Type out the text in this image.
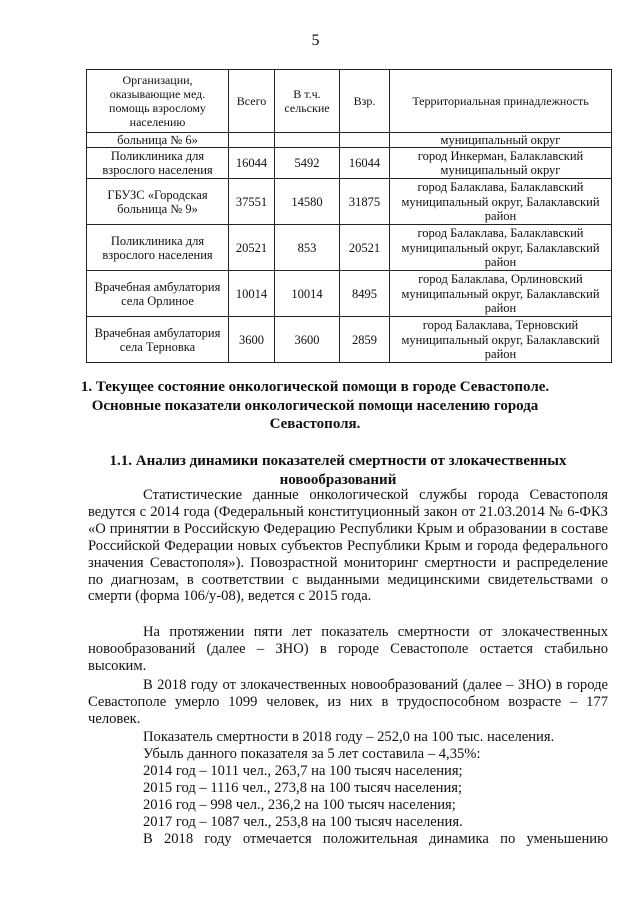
5
Организации, оказывающие мед. помощь взрослому населению	Всего	В т.ч. сельские	Взр.	Территориальная принадлежность
больница № 6»				муниципальный округ
Поликлиника для взрослого населения	16044	5492	16044	город Инкерман, Балаклавский муниципальный округ
ГБУЗС «Городская больница № 9»	37551	14580	31875	город Балаклава, Балаклавский муниципальный округ, Балаклавский район
Поликлиника для взрослого населения	20521	853	20521	город Балаклава, Балаклавский муниципальный округ, Балаклавский район
Врачебная амбулатория села Орлиное	10014	10014	8495	город Балаклава, Орлиновский муниципальный округ, Балаклавский район
Врачебная амбулатория села Терновка	3600	3600	2859	город Балаклава, Терновский муниципальный округ, Балаклавский район
1. Текущее состояние онкологической помощи в городе Севастополе. Основные показатели онкологической помощи населению города Севастополя.
1.1. Анализ динамики показателей смертности от злокачественных новообразований
Статистические данные онкологической службы города Севастополя ведутся с 2014 года (Федеральный конституционный закон от 21.03.2014 № 6-ФКЗ «О принятии в Российскую Федерацию Республики Крым и образовании в составе Российской Федерации новых субъектов Республики Крым и города федерального значения Севастополя»). Повозрастной мониторинг смертности и распределение по диагнозам, в соответствии с выданными медицинскими свидетельствами о смерти (форма 106/у-08), ведется с 2015 года.
На протяжении пяти лет показатель смертности от злокачественных новообразований (далее – ЗНО) в городе Севастополе остается стабильно высоким.
В 2018 году от злокачественных новообразований (далее – ЗНО) в городе Севастополе умерло 1099 человек, из них в трудоспособном возрасте – 177 человек.
Показатель смертности в 2018 году – 252,0 на 100 тыс. населения.
Убыль данного показателя за 5 лет составила – 4,35%:
2014 год – 1011 чел., 263,7 на 100 тысяч населения;
2015 год – 1116 чел., 273,8 на 100 тысяч населения;
2016 год – 998 чел., 236,2 на 100 тысяч населения;
2017 год – 1087 чел., 253,8 на 100 тысяч населения.
В 2018 году отмечается положительная динамика по уменьшению
